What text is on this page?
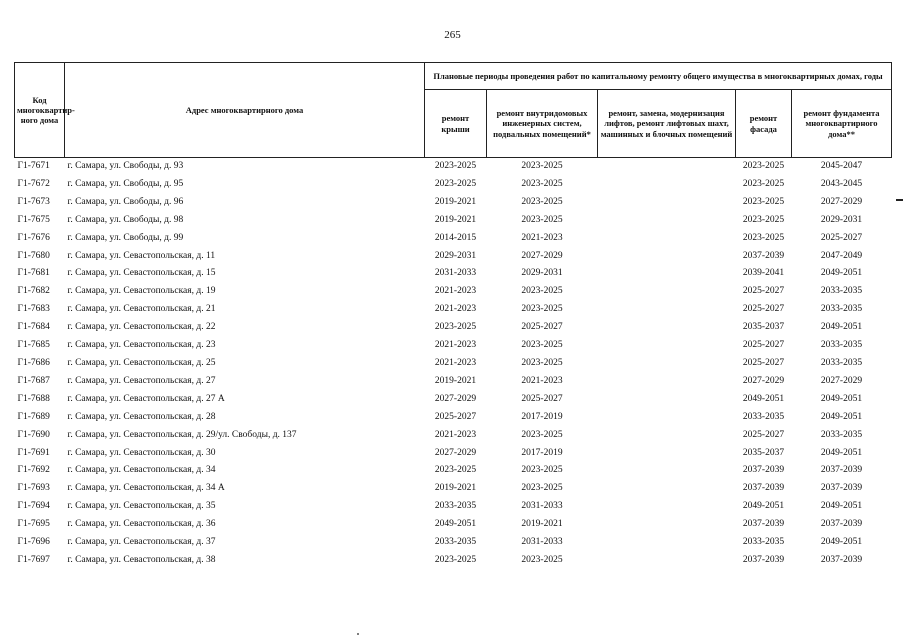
265
Код многоквартир-ного дома	Адрес многоквартирного дома	Плановые периоды проведения работ по капитальному ремонту общего имущества в многоквартирных домах, годы				
		ремонт крыши	ремонт внутридомовых инженерных систем, подвальных помещений*	ремонт, замена, модернизация лифтов, ремонт лифтовых шахт, машинных и блочных помещений	ремонт фасада	ремонт фундамента многоквартирного дома**
Г1-7671	г. Самара, ул. Свободы, д. 93	2023-2025	2023-2025		2023-2025	2045-2047
Г1-7672	г. Самара, ул. Свободы, д. 95	2023-2025	2023-2025		2023-2025	2043-2045
Г1-7673	г. Самара, ул. Свободы, д. 96	2019-2021	2023-2025		2023-2025	2027-2029
Г1-7675	г. Самара, ул. Свободы, д. 98	2019-2021	2023-2025		2023-2025	2029-2031
Г1-7676	г. Самара, ул. Свободы, д. 99	2014-2015	2021-2023		2023-2025	2025-2027
Г1-7680	г. Самара, ул. Севастопольская, д. 11	2029-2031	2027-2029		2037-2039	2047-2049
Г1-7681	г. Самара, ул. Севастопольская, д. 15	2031-2033	2029-2031		2039-2041	2049-2051
Г1-7682	г. Самара, ул. Севастопольская, д. 19	2021-2023	2023-2025		2025-2027	2033-2035
Г1-7683	г. Самара, ул. Севастопольская, д. 21	2021-2023	2023-2025		2025-2027	2033-2035
Г1-7684	г. Самара, ул. Севастопольская, д. 22	2023-2025	2025-2027		2035-2037	2049-2051
Г1-7685	г. Самара, ул. Севастопольская, д. 23	2021-2023	2023-2025		2025-2027	2033-2035
Г1-7686	г. Самара, ул. Севастопольская, д. 25	2021-2023	2023-2025		2025-2027	2033-2035
Г1-7687	г. Самара, ул. Севастопольская, д. 27	2019-2021	2021-2023		2027-2029	2027-2029
Г1-7688	г. Самара, ул. Севастопольская, д. 27 А	2027-2029	2025-2027		2049-2051	2049-2051
Г1-7689	г. Самара, ул. Севастопольская, д. 28	2025-2027	2017-2019		2033-2035	2049-2051
Г1-7690	г. Самара, ул. Севастопольская, д. 29/ул. Свободы, д. 137	2021-2023	2023-2025		2025-2027	2033-2035
Г1-7691	г. Самара, ул. Севастопольская, д. 30	2027-2029	2017-2019		2035-2037	2049-2051
Г1-7692	г. Самара, ул. Севастопольская, д. 34	2023-2025	2023-2025		2037-2039	2037-2039
Г1-7693	г. Самара, ул. Севастопольская, д. 34 А	2019-2021	2023-2025		2037-2039	2037-2039
Г1-7694	г. Самара, ул. Севастопольская, д. 35	2033-2035	2031-2033		2049-2051	2049-2051
Г1-7695	г. Самара, ул. Севастопольская, д. 36	2049-2051	2019-2021		2037-2039	2037-2039
Г1-7696	г. Самара, ул. Севастопольская, д. 37	2033-2035	2031-2033		2033-2035	2049-2051
Г1-7697	г. Самара, ул. Севастопольская, д. 38	2023-2025	2023-2025		2037-2039	2037-2039
